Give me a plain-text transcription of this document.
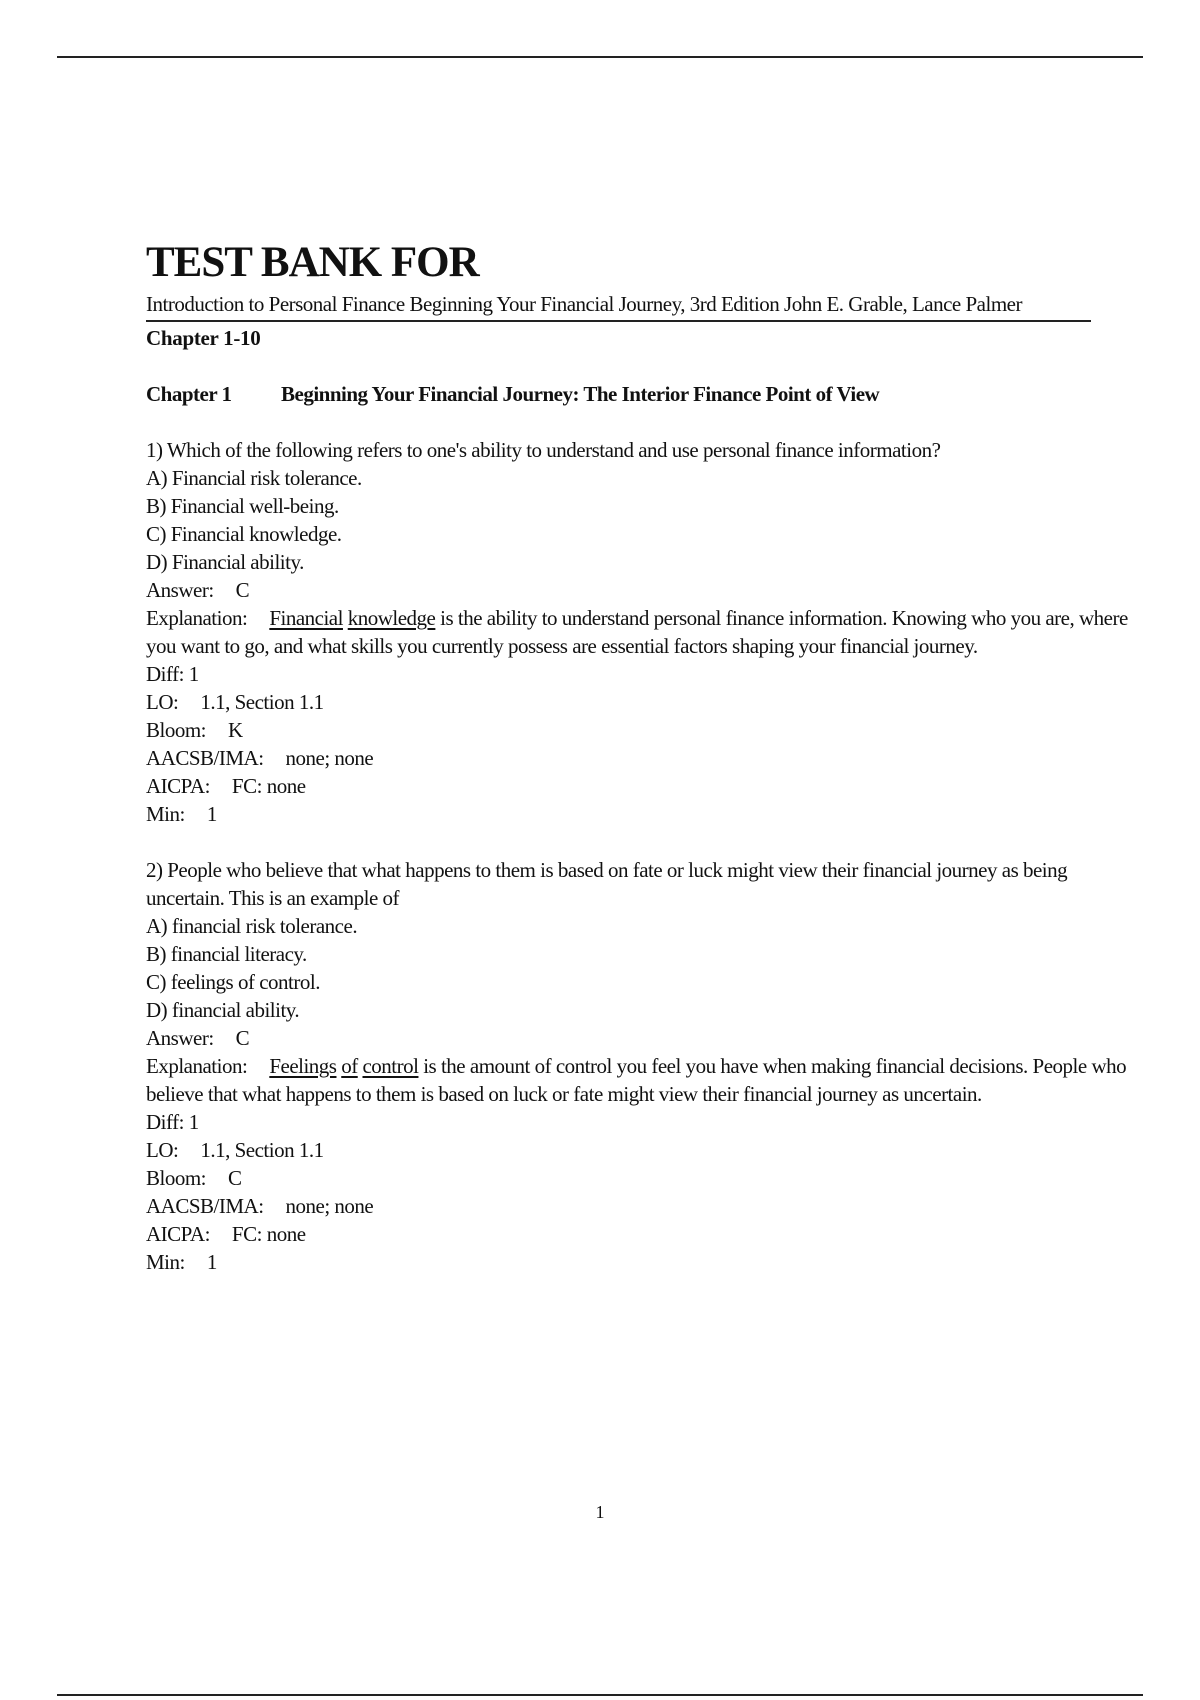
TEST BANK FOR
Introduction to Personal Finance Beginning Your Financial Journey, 3rd Edition John E. Grable, Lance Palmer
Chapter 1-10
Chapter 1 Beginning Your Financial Journey: The Interior Finance Point of View
1) Which of the following refers to one's ability to understand and use personal finance information?
A) Financial risk tolerance.
B) Financial well-being.
C) Financial knowledge.
D) Financial ability.
Answer: C
Explanation: Financial knowledge is the ability to understand personal finance information. Knowing who you are, where you want to go, and what skills you currently possess are essential factors shaping your financial journey.
Diff: 1
LO: 1.1, Section 1.1
Bloom: K
AACSB/IMA: none; none
AICPA: FC: none
Min: 1
2) People who believe that what happens to them is based on fate or luck might view their financial journey as being uncertain. This is an example of
A) financial risk tolerance.
B) financial literacy.
C) feelings of control.
D) financial ability.
Answer: C
Explanation: Feelings of control is the amount of control you feel you have when making financial decisions. People who believe that what happens to them is based on luck or fate might view their financial journey as uncertain.
Diff: 1
LO: 1.1, Section 1.1
Bloom: C
AACSB/IMA: none; none
AICPA: FC: none
Min: 1
1
